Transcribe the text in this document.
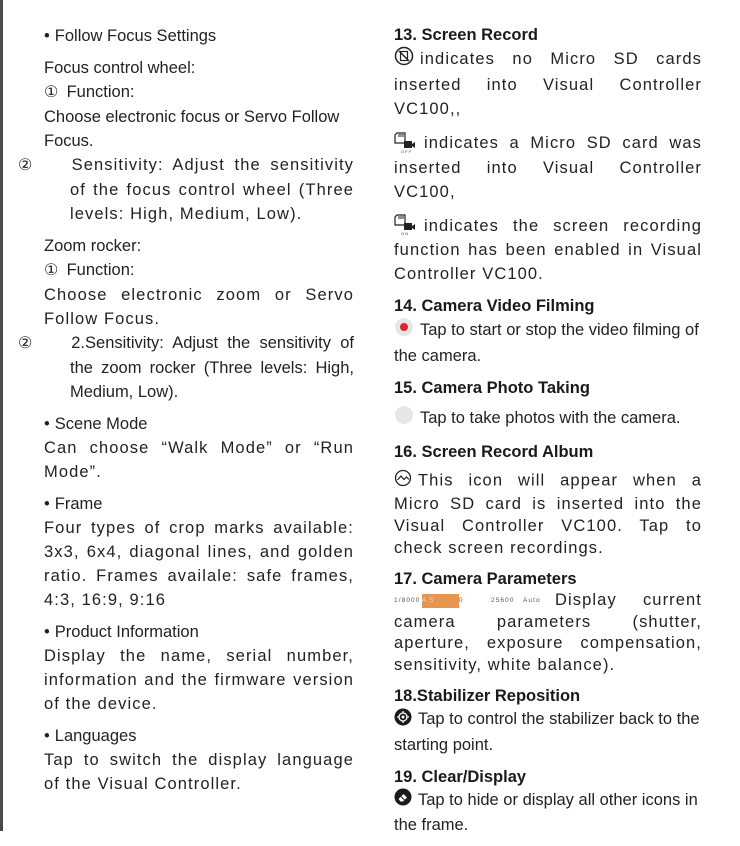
• Follow Focus Settings
Focus control wheel:
① Function:
Choose electronic focus or Servo Follow Focus.
② Sensitivity: Adjust the sensitivity of the focus control wheel (Three levels: High, Medium, Low).
Zoom rocker:
① Function:
Choose electronic zoom or Servo Follow Focus.
② 2.Sensitivity: Adjust the sensitivity of the zoom rocker (Three levels: High, Medium, Low).
• Scene Mode
Can choose “Walk Mode” or “Run Mode”.
• Frame
Four types of crop marks available: 3x3, 6x4, diagonal lines, and golden ratio. Frames availale: safe frames, 4:3, 16:9, 9:16
• Product Information
Display the name, serial number, information and the firmware version of the device.
• Languages
Tap to switch the display language of the Visual Controller.
13. Screen Record
indicates no Micro SD cards inserted into Visual Controller VC100,,
OFF indicates a Micro SD card was inserted into Visual Controller VC100,
ON indicates the screen recording function has been enabled in Visual Controller VC100.
14. Camera Video Filming
Tap to start or stop the video filming of the camera.
15. Camera Photo Taking
Tap to take photos with the camera.
16. Screen Record Album
This icon will appear when a Micro SD card is inserted into the Visual Controller VC100. Tap to check screen recordings.
17. Camera Parameters
1/8000 4.5	0	25600	Auto Display current camera parameters (shutter, aperture, exposure compensation, sensitivity, white balance).
18.Stabilizer Reposition
Tap to control the stabilizer back to the starting point.
19. Clear/Display
Tap to hide or display all other icons in the frame.
